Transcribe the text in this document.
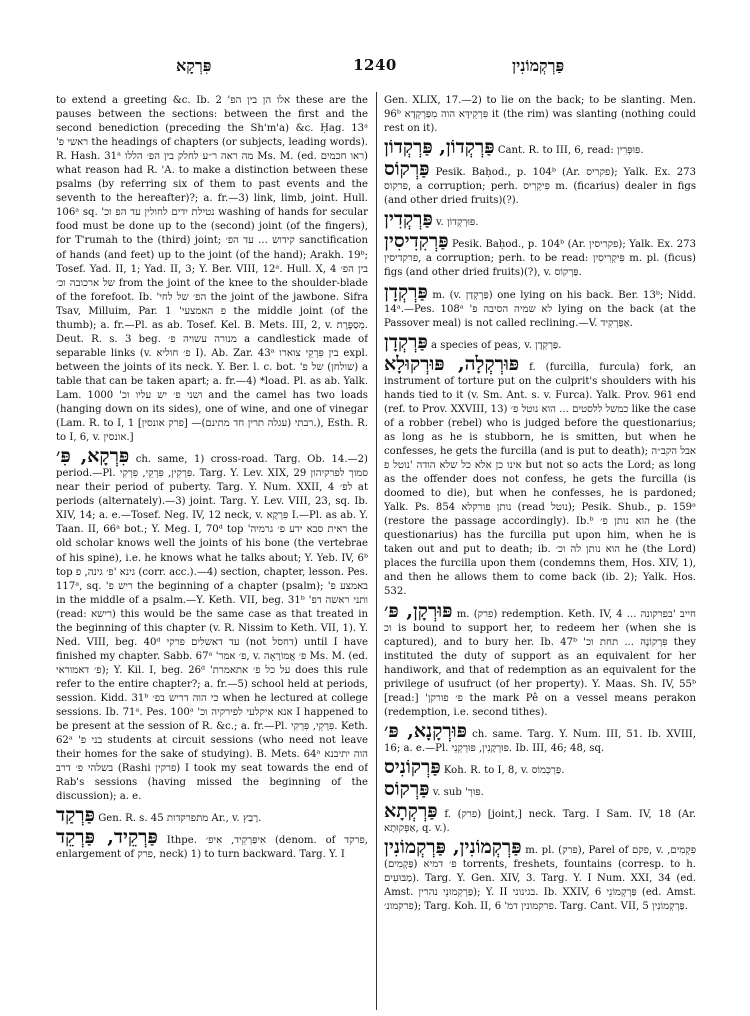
פִּרְקָא	1240	פַּרְקְמוֹנִין

to extend a greeting &c. Ib. 2 'אלו הן בין הפ these are the pauses between the sections: between the first and the second benediction (preceding the Sh'm'a) &c. Ḥag. 13ᵃ 'ראשי פ the headings of chapters (or subjects, leading words). R. Hash. 31ᵃ מה ראה ר״ע לחלק בין הפ׳ הללו Ms. M. (ed. ראו חכמים) what reason had R. 'A. to make a distinction between these psalms (by referring six of them to past events and the seventh to the hereafter)?; a. fr.—3) link, limb, joint. Hull. 106ᵃ sq. 'נטילת ידים לחולין עד הפ וכ washing of hands for secular food must be done up to the (second) joint (of the fingers), for T'rumah to the (third) joint; קידוש ... עד הפ׳ sanctification of hands (and feet) up to the joint (of the hand); Arakh. 19ᵇ; Tosef. Yad. II, 1; Yad. II, 3; Y. Ber. VIII, 12ᵃ. Hull. X, 4 בין הפ׳ של ארכובה וכ׳ from the joint of the knee to the shoulder-blade of the forefoot. Ib. 'הפ׳ של לחי the joint of the jawbone. Sifra Tsav, Milluim, Par. 1 'פ האמצעי the middle joint (of the thumb); a. fr.—Pl. as ab. Tosef. Kel. B. Mets. III, 2, v. מְסַפֶּרֶת. Deut. R. s. 3 beg. מנורה עשויה פ׳ a candlestick made of separable links (v. פ׳ חוליא I). Ab. Zar. 43ᵃ בין פִּרְקֵי צוארו expl. between the joints of its neck. Y. Ber. l. c. bot. 'שולחן) של פ) a table that can be taken apart; a. fr.—4) *load. Pl. as ab. Yalk. Lam. 1000 'ושני פ׳ יש עליו וכ and the camel has two loads (hanging down on its sides), one of wine, and one of vinegar (Lam. R. to I, 1 [פרק אונסין] —(עגלה תרין חד מתינם) רבתי.), Esth. R. to I, 6, v. אונסין.]

פִּרְקָא, פִּ׳ ch. same, 1) cross-road. Targ. Ob. 14.—2) period.—Pl. פִּרְקִין, פִּרְקֵי, פִּרְקִי. Targ. Y. Lev. XIX, 29 סמוך לפרקיהון near their period of puberty. Targ. Y. Num. XXII, 4 לפ׳ at periods (alternately).—3) joint. Targ. Y. Lev. VIII, 23, sq. Ib. XIV, 14; a. e.—Tosef. Neg. IV, 12 neck, v. פִּרְקָא I.—Pl. as ab. Y. Taan. II, 66ᵃ bot.; Y. Meg. I, 70ᵈ top 'ראית סבא ידע פ׳ גרמיה the old scholar knows well the joints of his bone (the vertebrae of his spine), i.e. he knows what he talks about; Y. Yeb. IV, 6ᵇ top גינא 'פ׳ גינה, פ (corr. acc.).—4) section, chapter, lesson. Pes. 117ᵃ, sq. 'ריש פ the beginning of a chapter (psalm); 'באמצע פ in the middle of a psalm.—Y. Keth. VII, beg. 31ᵇ 'ותני ראשה דפ (read: רישא) this would be the same case as that treated in the beginning of this chapter (v. R. Nissim to Keth. VII, 1). Y. Ned. VIII, beg. 40ᵈ עד דאשלים פרקי (not דחסל) until I have finished my chapter. Sabb. 67ᵃ 'פ׳ אמר, v. פ׳ אֱמוֹרָאָה Ms. M. (ed. פ׳ דאמוראי); Y. Kil. I, beg. 26ᵈ 'על כל פ׳ אתאמרת does this rule refer to the entire chapter?; a. fr.—5) school held at periods, session. Kidd. 31ᵇ כי הוה דריש בפ׳ when he lectured at college sessions. Ib. 71ᵃ. Pes. 100ᵃ 'אנא איקלעי לפירקיה וכ I happened to be present at the session of R. &c.; a. fr.—Pl. פִּרְקֵי, פִּרְקִי. Keth. 62ᵃ 'בני פ students at circuit sessions (who need not leave their homes for the sake of studying). B. Mets. 64ᵃ הוה יתיבנא בשלהי פ׳ דרב (Rashi פרקין) I took my seat towards the end of Rab's sessions (having missed the beginning of the discussion); a. e.

פַּרְקַד Gen. R. s. 45 מתפרקדות Ar., v. רָבַץ.

פַּרְקֵיד, פַּרְקֵד Ithpe. אִיפַּרְקֵיד, אִיפ׳ (denom. of פרקד, enlargement of פרק, neck) 1) to turn backward. Targ. Y. I

Gen. XLIX, 17.—2) to lie on the back; to be slanting. Men. 96ᵇ פִּרְקֵידָּא הוה מִפַּרְקְדָא it (the rim) was slanting (nothing could rest on it).

פַּרְקְדוֹן, פַּרְקְדוֹן Cant. R. to III, 6, read: פּוּפְּרִין.

פַּרְקוֹס Pesik. Baḥod., p. 104ᵇ (Ar. פקריס); Yalk. Ex. 273 פרקוס, a corruption; perh. פִּיקְרִיס m. (ficarius) dealer in figs (and other dried fruits)(?).

פַּרְקְדִין v. פּוּרְקְדוֹן.

פַּרְקִדִיסִין Pesik. Baḥod., p. 104ᵇ (Ar. פקריסין); Yalk. Ex. 273 פרקדיסין, a corruption; perh. to be read: פִּיקְרִיסִין m. pl. (ficus) figs (and other dried fruits)(?), v. פַּרְקוֹס.

פַּרְקְדָן m. (v. פַּרְקְדַן) one lying on his back. Ber. 13ᵇ; Nidd. 14ᵃ.—Pes. 108ᵃ 'לא שמיה הסיבה פ lying on the back (at the Passover meal) is not called reclining.—V. אַפַּרְקִיד.

פַּרְקְדָן a species of peas, v. פַּרְקְדָן.

פּוּרְקְלָה, פּוּרְקוּלָא f. (furcilla, furcula) fork, an instrument of torture put on the culprit's shoulders with his hands tied to it (v. Sm. Ant. s. v. Furca). Yalk. Prov. 961 end (ref. to Prov. XXVIII, 13) כמשל ללסטים ... הוא נוטל פ׳ like the case of a robber (rebel) who is judged before the questionarius; as long as he is stubborn, he is smitten, but when he confesses, he gets the furcilla (and is put to death); אבל הקב״ה אינו כן אלא כל שלא הודה 'נוטל פ but not so acts the Lord; as long as the offender does not confess, he gets the furcilla (is doomed to die), but when he confesses, he is pardoned; Yalk. Ps. 854 נותן פורקלא (read נוטל); Pesik. Shub., p. 159ᵃ (restore the passage accordingly). Ib.ᵇ הוא נותן פ׳ he (the questionarius) has the furcilla put upon him, when he is taken out and put to death; ib. הוא נותן לה וכ׳ he (the Lord) places the furcilla upon them (condemns them, Hos. XIV, 1), and then he allows them to come back (ib. 2); Yalk. Hos. 532.

פּוּרְקָן, פּ׳ m. (פרק) redemption. Keth. IV, 4 ... חייב 'בפרקונה וכ is bound to support her, to redeem her (when she is captured), and to bury her. Ib. 47ᵇ 'פִּרְקוֹנָהּ ... תחת וכ they instituted the duty of support as an equivalent for her handiwork, and that of redemption as an equivalent for the privilege of usufruct (of her property). Y. Maas. Sh. IV, 55ᵇ [read:] 'פ׳ פורקן the mark Pê on a vessel means perakon (redemption, i.e. second tithes).

פּוּרְקָנָא, פּ׳ ch. same. Targ. Y. Num. III, 51. Ib. XVIII, 16; a. e.—Pl. פּוּרְקָנִין, פּוּרְקְנֵי. Ib. III, 46; 48, sq.

פַּרְקוֹנִיס Koh. R. to I, 8, v. פַּרְכְּמוֹס.

פַּרְקוֹס v. sub 'פּוּרְ.

פַּרְקְתָא f. (פרק) [joint,] neck. Targ. I Sam. IV, 18 (Ar. אַפְּקוּתָא, q. v.).

פַּרְקְמוֹנִין, פַּרְקְמוֹנִין m. pl. (פרק), Parel of פקם, v. פִּקְמִים, פ׳ דמיא (פַּקְמִים) torrents, freshets, fountains (corresp. to h. מַבּוּעִים). Targ. Y. Gen. XIV, 3. Targ. Y. I Num. XXI, 34 (ed. Amst. פַּרְקְמוּנֵי נהרין); Y. II בגינוני. Ib. XXIV, 6 פַּרְקְמוֹנֵי (ed. Amst. פרקמונ׳); Targ. Koh. II, 6 'פרקמונין דמ. Targ. Cant. VII, 5 פַּרְקְמוֹנִין.
